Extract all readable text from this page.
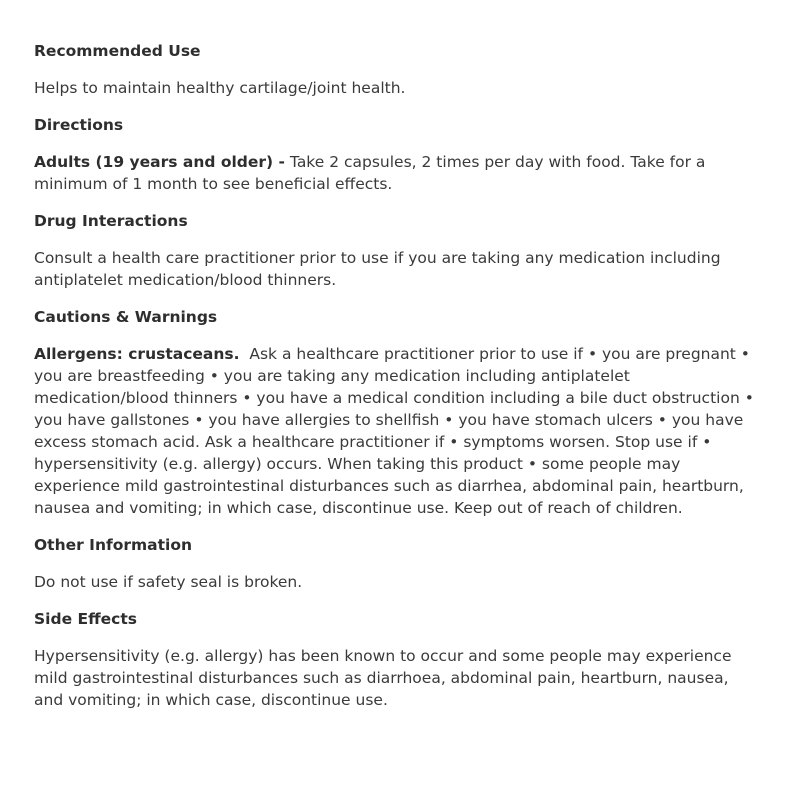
Recommended Use
Helps to maintain healthy cartilage/joint health.
Directions
Adults (19 years and older) - Take 2 capsules, 2 times per day with food. Take for a minimum of 1 month to see beneficial effects.
Drug Interactions
Consult a health care practitioner prior to use if you are taking any medication including antiplatelet medication/blood thinners.
Cautions & Warnings
Allergens: crustaceans.  Ask a healthcare practitioner prior to use if • you are pregnant • you are breastfeeding • you are taking any medication including antiplatelet medication/blood thinners • you have a medical condition including a bile duct obstruction • you have gallstones • you have allergies to shellfish • you have stomach ulcers • you have excess stomach acid. Ask a healthcare practitioner if • symptoms worsen. Stop use if • hypersensitivity (e.g. allergy) occurs. When taking this product • some people may experience mild gastrointestinal disturbances such as diarrhea, abdominal pain, heartburn, nausea and vomiting; in which case, discontinue use. Keep out of reach of children.
Other Information
Do not use if safety seal is broken.
Side Effects
Hypersensitivity (e.g. allergy) has been known to occur and some people may experience mild gastrointestinal disturbances such as diarrhoea, abdominal pain, heartburn, nausea, and vomiting; in which case, discontinue use.
